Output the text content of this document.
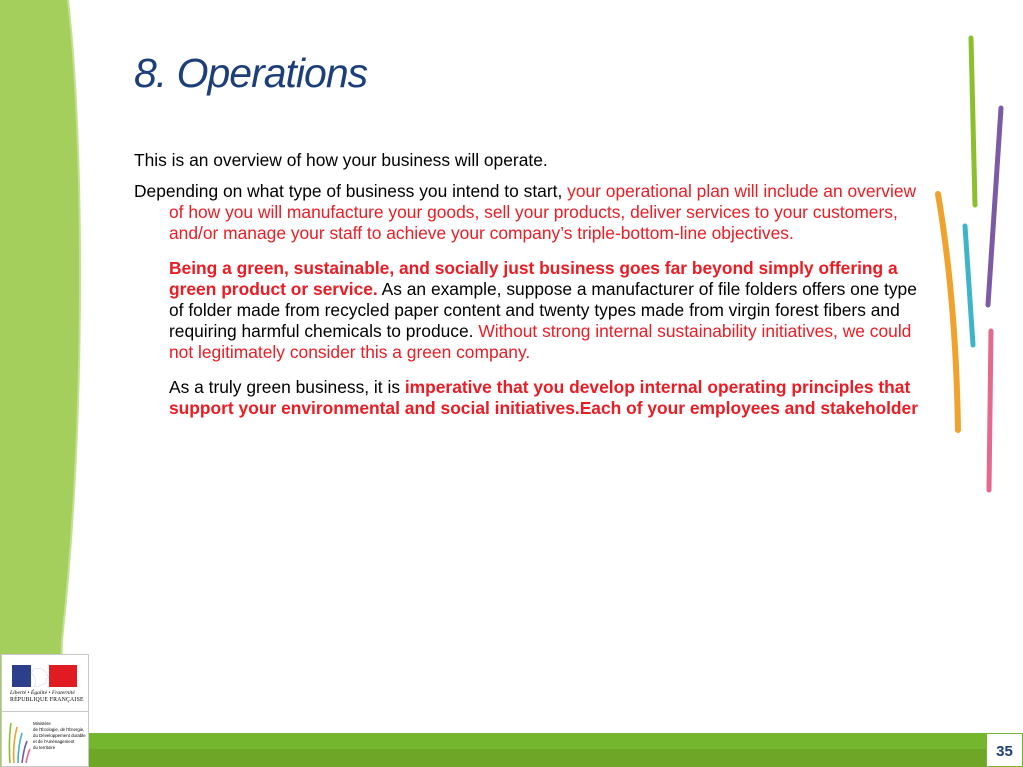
8. Operations

This is an overview of how your business will operate.

Depending on what type of business you intend to start, your operational plan will include an overview of how you will manufacture your goods, sell your products, deliver services to your customers, and/or manage your staff to achieve your company’s triple-bottom-line objectives.

Being a green, sustainable, and socially just business goes far beyond simply offering a green product or service. As an example, suppose a manufacturer of file folders offers one type of folder made from recycled paper content and twenty types made from virgin forest fibers and requiring harmful chemicals to produce. Without strong internal sustainability initiatives, we could not legitimately consider this a green company.

As a truly green business, it is imperative that you develop internal operating principles that support your environmental and social initiatives.Each of your employees and stakeholder

Liberté • Égalité • Fraternité
RÉPUBLIQUE FRANÇAISE
Ministère
de l'Écologie, de l'Énergie,
du Développement durable
et de l'Aménagement
du territoire	35
